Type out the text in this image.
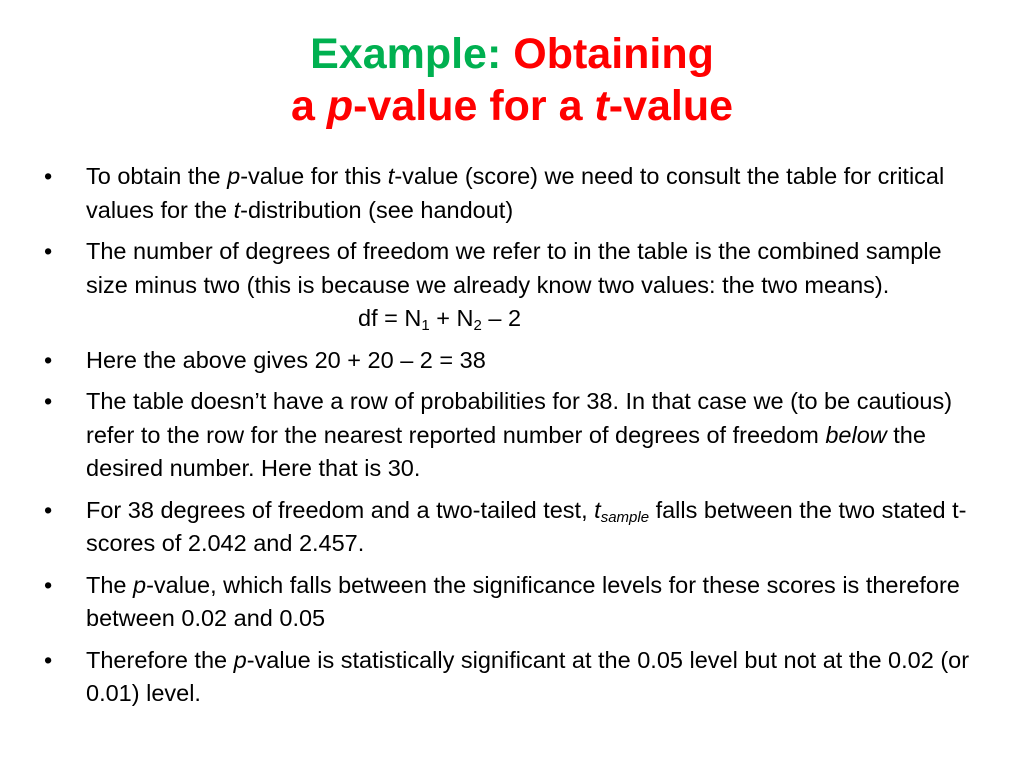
Example: Obtaining
a p-value for a t-value
• To obtain the p-value for this t-value (score) we need to consult the table for critical values for the t-distribution (see handout)
• The number of degrees of freedom we refer to in the table is the combined sample size minus two (this is because we already know two values: the two means).
df = $N_1 + N_2 - 2$
• Here the above gives 20 + 20 – 2 = 38
• The table doesn’t have a row of probabilities for 38. In that case we (to be cautious) refer to the row for the nearest reported number of degrees of freedom below the desired number. Here that is 30.
• For 38 degrees of freedom and a two-tailed test, $t_{sample}$ falls between the two stated t-scores of 2.042 and 2.457.
• The p-value, which falls between the significance levels for these scores is therefore between 0.02 and 0.05
• Therefore the p-value is statistically significant at the 0.05 level but not at the 0.02 (or 0.01) level.
